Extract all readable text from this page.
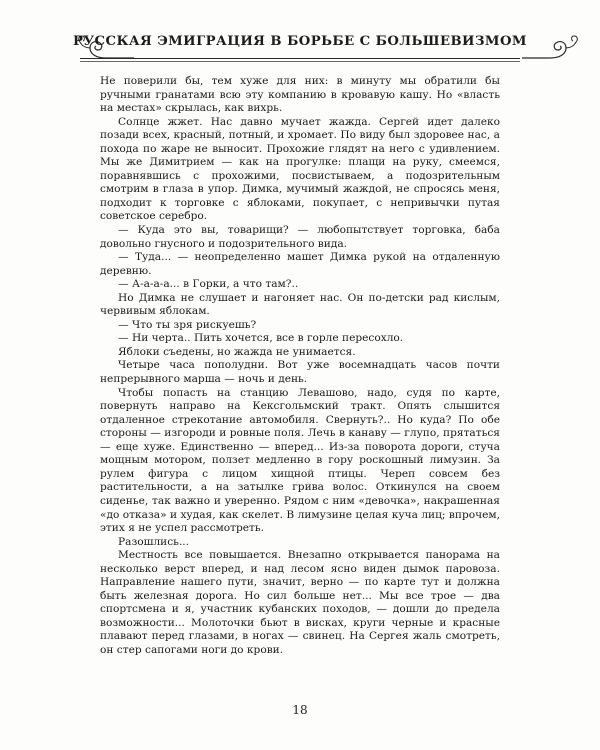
РУССКАЯ ЭМИГРАЦИЯ В БОРЬБЕ С БОЛЬШЕВИЗМОМ

Не поверили бы, тем хуже для них: в минуту мы обратили бы ручными гранатами всю эту компанию в кровавую кашу. Но «власть на местах» скрылась, как вихрь.

Солнце жжет. Нас давно мучает жажда. Сергей идет далеко позади всех, красный, потный, и хромает. По виду был здоровее нас, а похода по жаре не выносит. Прохожие глядят на него с удивлением. Мы же Димитрием — как на прогулке: плащи на руку, смеемся, поравнявшись с прохожими, посвистываем, а подозрительным смотрим в глаза в упор. Димка, мучимый жаждой, не спросясь меня, подходит к торговке с яблоками, покупает, с непривычки путая советское серебро.

— Куда это вы, товарищи? — любопытствует торговка, баба довольно гнусного и подозрительного вида.

— Туда... — неопределенно машет Димка рукой на отдаленную деревню.

— А-а-а-а... в Горки, а что там?..

Но Димка не слушает и нагоняет нас. Он по-детски рад кислым, червивым яблокам.

— Что ты зря рискуешь?

— Ни черта.. Пить хочется, все в горле пересохло.

Яблоки съедены, но жажда не унимается.

Четыре часа пополудни. Вот уже восемнадцать часов почти непрерывного марша — ночь и день.

Чтобы попасть на станцию Левашово, надо, судя по карте, повернуть направо на Кексгольмский тракт. Опять слышится отдаленное стрекотание автомобиля. Свернуть?.. Но куда? По обе стороны — изгороди и ровные поля. Лечь в канаву — глупо, прятаться — еще хуже. Единственно — вперед... Из-за поворота дороги, стуча мощным мотором, ползет медленно в гору роскошный лимузин. За рулем фигура с лицом хищной птицы. Череп совсем без растительности, а на затылке грива волос. Откинулся на своем сиденье, так важно и уверенно. Рядом с ним «девочка», накрашенная «до отказа» и худая, как скелет. В лимузине целая куча лиц; впрочем, этих я не успел рассмотреть.

Разошлись...

Местность все повышается. Внезапно открывается панорама на несколько верст вперед, и над лесом ясно виден дымок паровоза. Направление нашего пути, значит, верно — по карте тут и должна быть железная дорога. Но сил больше нет... Мы все трое — два спортсмена и я, участник кубанских походов, — дошли до предела возможности... Молоточки бьют в висках, круги черные и красные плавают перед глазами, в ногах — свинец. На Сергея жаль смотреть, он стер сапогами ноги до крови.

18
